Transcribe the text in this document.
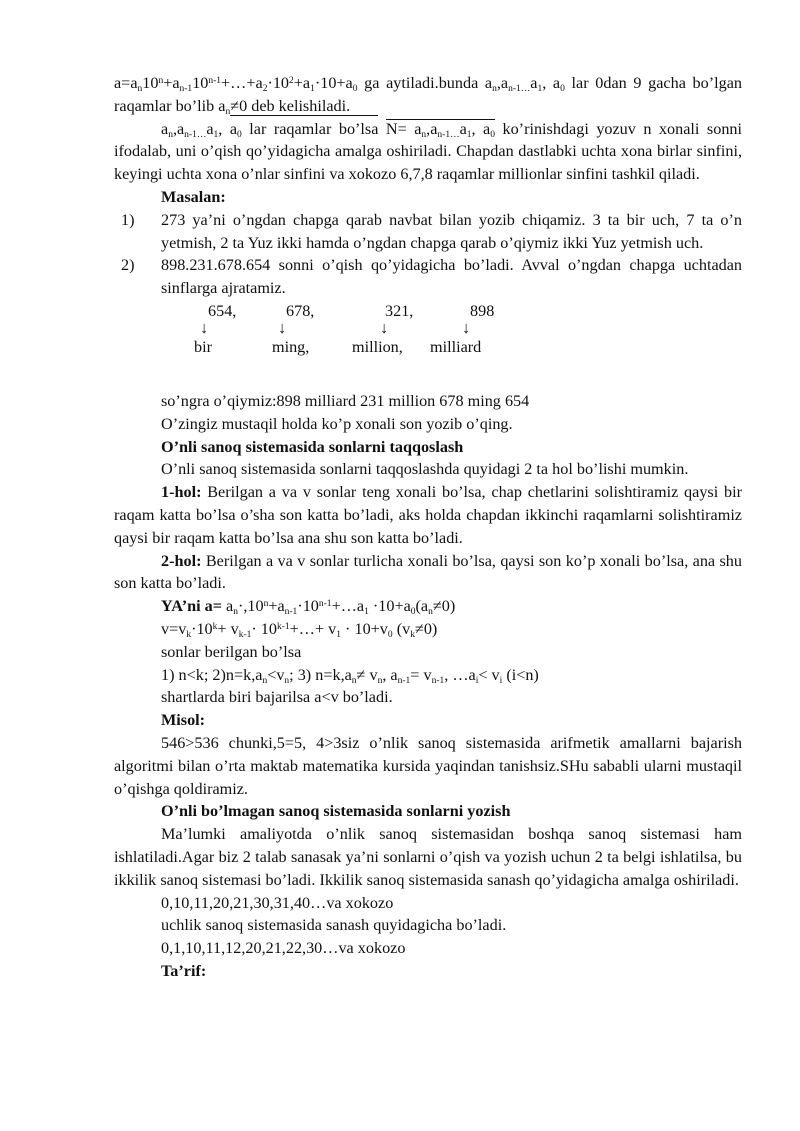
$a=a_n10^n+a_{n-1}10^{n-1}+\dots+a_2\cdot 10^2+a_1\cdot 10+a_0$ ga aytiladi.bunda $a_n,a_{n-1\dots}a_1$, $a_0$ lar 0dan 9 gacha bo’lgan raqamlar bo’lib $a_n\ne 0$ deb kelishiladi.

$a_n,a_{n-1\dots}a_1$, $a_0$ lar raqamlar bo’lsa $N= a_n,a_{n-1\dots}a_1$, $a_0$ ko’rinishdagi yozuv n xonali sonni ifodalab, uni o’qish qo’yidagicha amalga oshiriladi. Chapdan dastlabki uchta xona birlar sinfini, keyingi uchta xona o’nlar sinfini va xokozo 6,7,8 raqamlar millionlar sinfini tashkil qiladi.

Masalan:

1) 273 ya’ni o’ngdan chapga qarab navbat bilan yozib chiqamiz. 3 ta bir uch, 7 ta o’n yetmish, 2 ta Yuz ikki hamda o’ngdan chapga qarab o’qiymiz ikki Yuz yetmish uch.
2) 898.231.678.654 sonni o’qish qo’yidagicha bo’ladi. Avval o’ngdan chapga uchtadan sinflarga ajratamiz.
654,	678,	321,	898
↓	↓	↓	↓
bir	ming,	million, milliard

so’ngra o’qiymiz:898 milliard 231 million 678 ming 654

O’zingiz mustaqil holda ko’p xonali son yozib o’qing.

O’nli sanoq sistemasida sonlarni taqqoslash

O’nli sanoq sistemasida sonlarni taqqoslashda quyidagi 2 ta hol bo’lishi mumkin.

1-hol: Berilgan a va v sonlar teng xonali bo’lsa, chap chetlarini solishtiramiz qaysi bir raqam katta bo’lsa o’sha son katta bo’ladi, aks holda chapdan ikkinchi raqamlarni solishtiramiz qaysi bir raqam katta bo’lsa ana shu son katta bo’ladi.

2-hol: Berilgan a va v sonlar turlicha xonali bo’lsa, qaysi son ko’p xonali bo’lsa, ana shu son katta bo’ladi.

YA’ni $a= a_n\cdot,10^n+a_{n-1}\cdot 10^{n-1}+\dots a_1 \cdot 10+a_0(a_n\ne 0)$

$v=v_k\cdot 10^k+ v_{k-1}\cdot$ $10^{k-1}+\dots+ v_1 \cdot 10+v_0$ $(v_k\ne 0)$

sonlar berilgan bo’lsa

1) n<k; $2)n=k,a_n<v_n$; 3) $n=k,a_n\ne v_n$, $a_{n-1}= v_{n-1}$, $\dots a_i< v_i$ (i<n)

shartlarda biri bajarilsa a<v bo’ladi.

Misol:

546>536 chunki,5=5, 4>3siz o’nlik sanoq sistemasida arifmetik amallarni bajarish algoritmi bilan o’rta maktab matematika kursida yaqindan tanishsiz.SHu sababli ularni mustaqil o’qishga qoldiramiz.

O’nli bo’lmagan sanoq sistemasida sonlarni yozish

Ma’lumki amaliyotda o’nlik sanoq sistemasidan boshqa sanoq sistemasi ham ishlatiladi.Agar biz 2 talab sanasak ya’ni sonlarni o’qish va yozish uchun 2 ta belgi ishlatilsa, bu ikkilik sanoq sistemasi bo’ladi. Ikkilik sanoq sistemasida sanash qo’yidagicha amalga oshiriladi.

0,10,11,20,21,30,31,40…va xokozo

uchlik sanoq sistemasida sanash quyidagicha bo’ladi.

0,1,10,11,12,20,21,22,30…va xokozo

Ta’rif:
